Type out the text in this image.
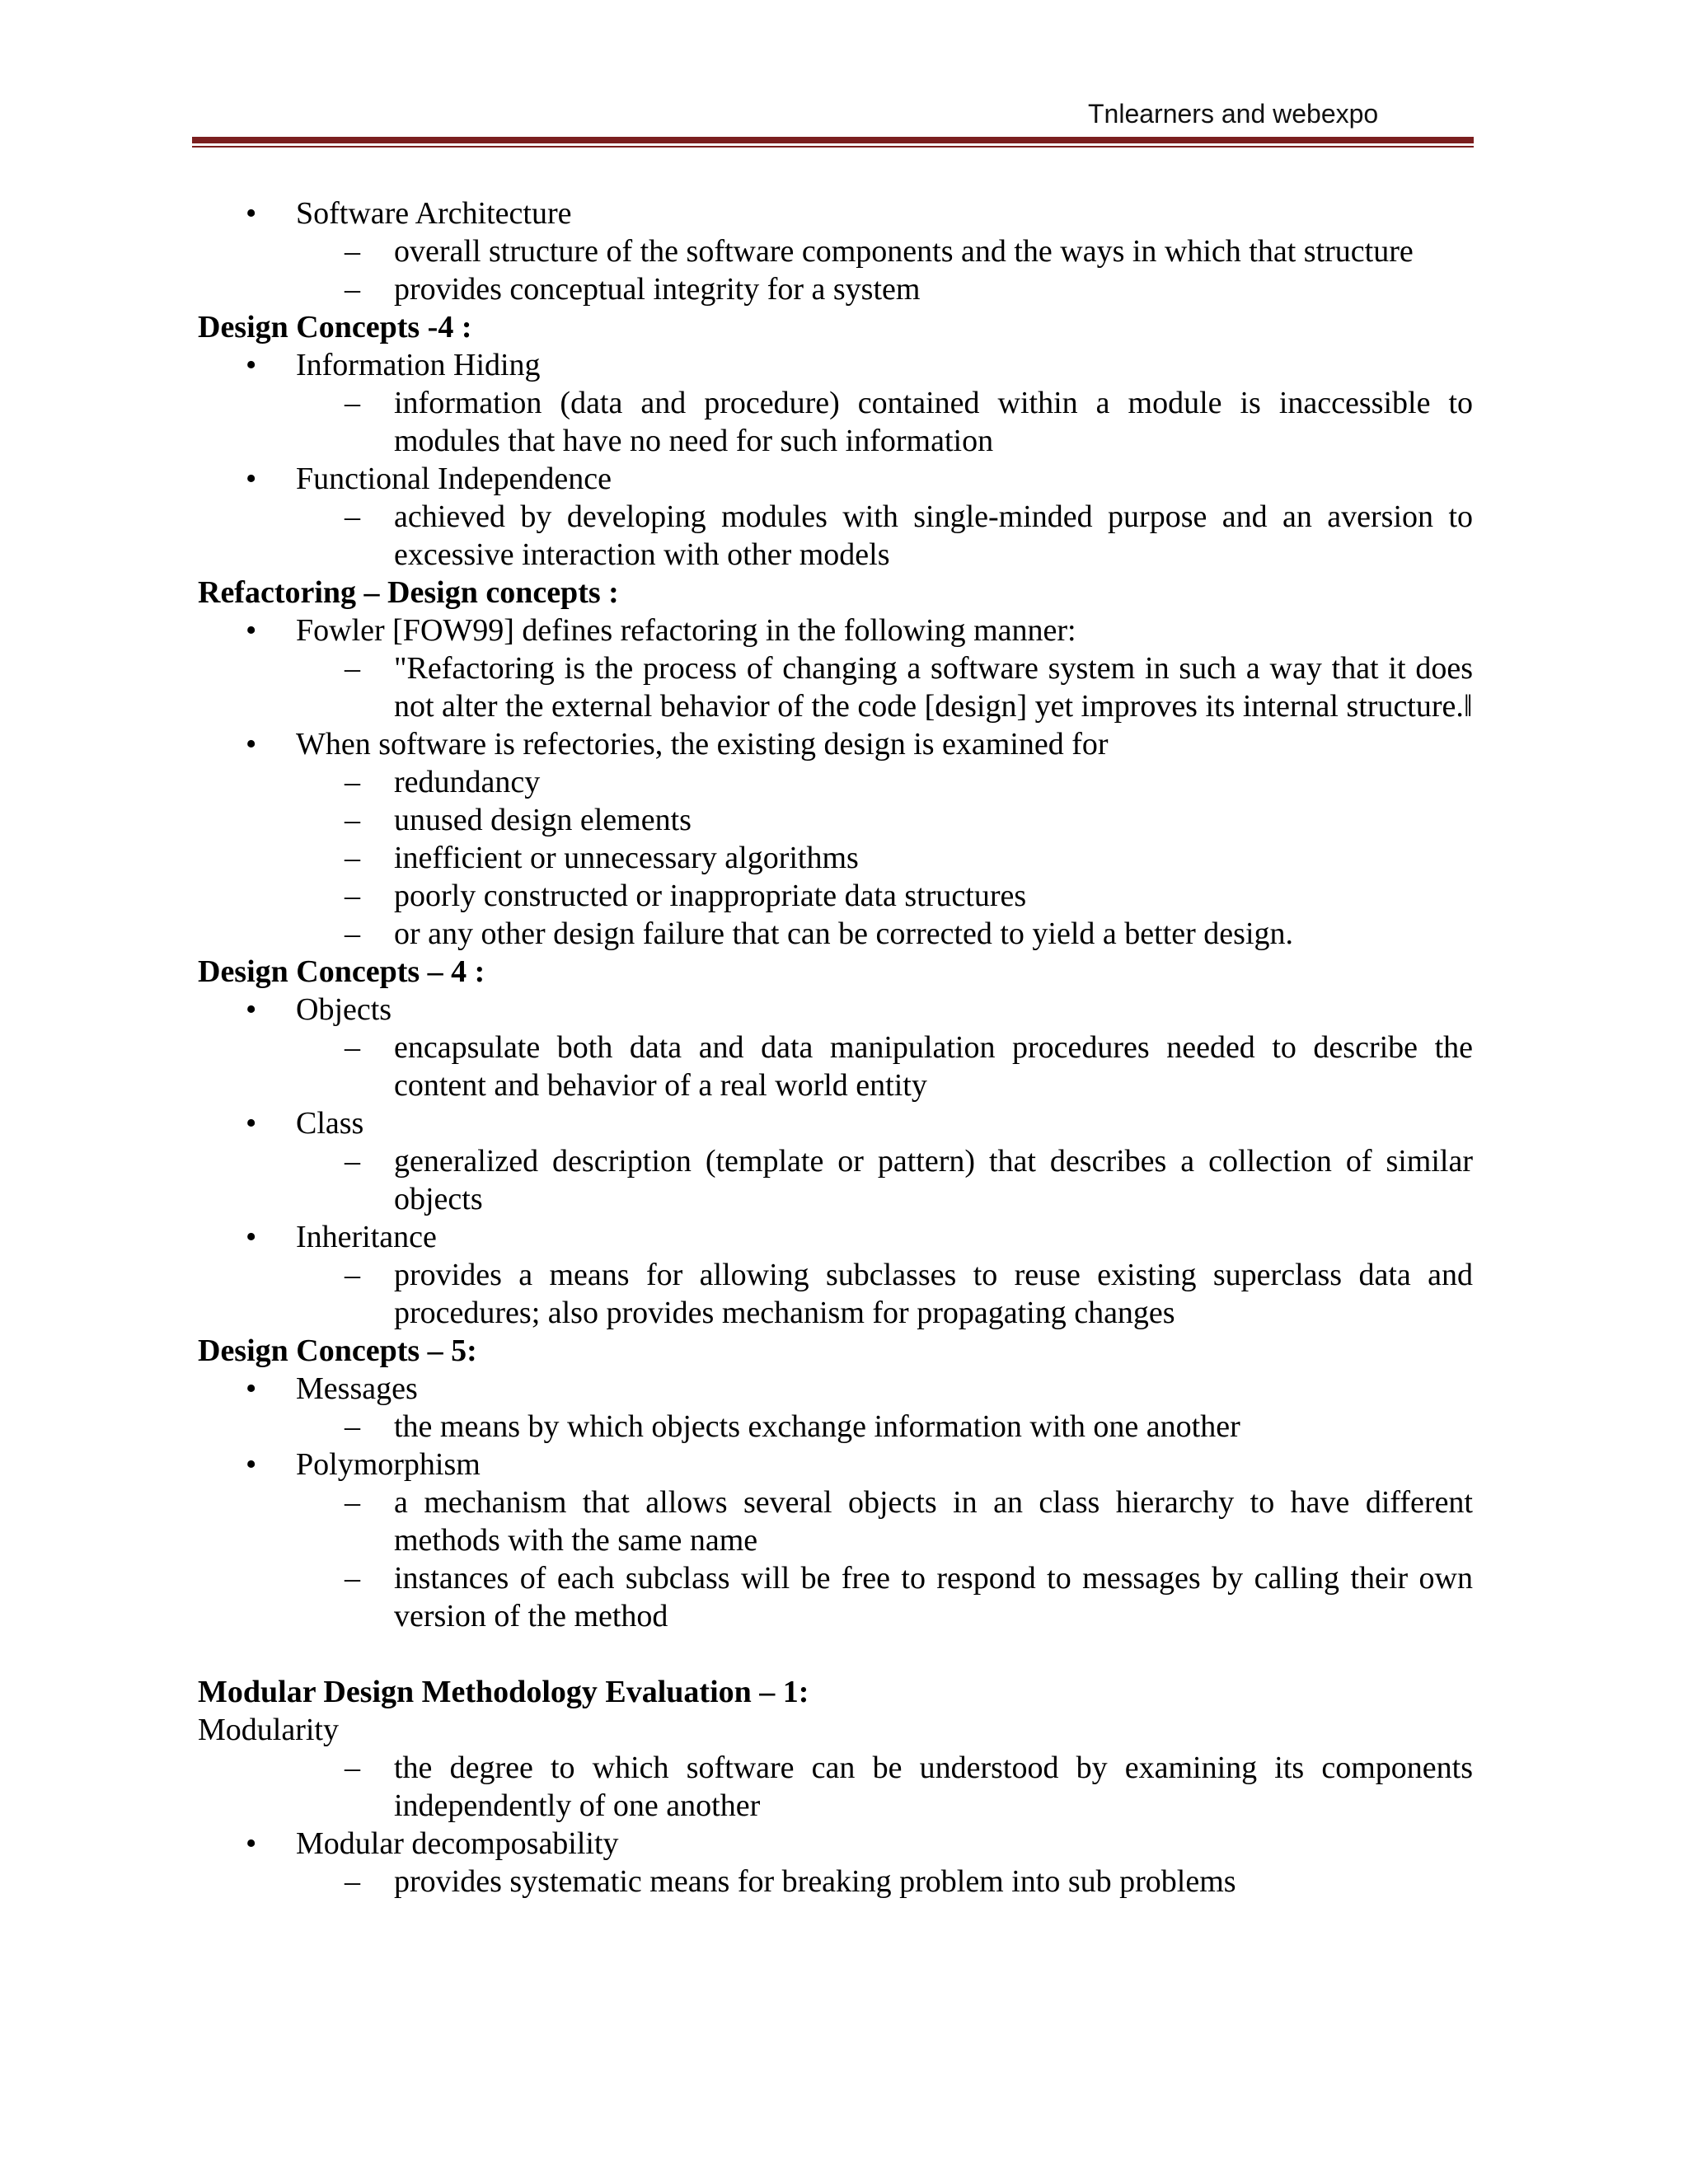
Tnlearners and webexpo
• Software Architecture
– overall structure of the software components and the ways in which that structure
– provides conceptual integrity for a system
Design Concepts -4 :
• Information Hiding
– information (data and procedure) contained within a module is inaccessible to modules that have no need for such information
• Functional Independence
– achieved by developing modules with single-minded purpose and an aversion to excessive interaction with other models
Refactoring – Design concepts :
• Fowler [FOW99] defines refactoring in the following manner:
– "Refactoring is the process of changing a software system in such a way that it does not alter the external behavior of the code [design] yet improves its internal structure.‖
• When software is refectories, the existing design is examined for
– redundancy
– unused design elements
– inefficient or unnecessary algorithms
– poorly constructed or inappropriate data structures
– or any other design failure that can be corrected to yield a better design.
Design Concepts – 4 :
• Objects
– encapsulate both data and data manipulation procedures needed to describe the content and behavior of a real world entity
• Class
– generalized description (template or pattern) that describes a collection of similar objects
• Inheritance
– provides a means for allowing subclasses to reuse existing superclass data and procedures; also provides mechanism for propagating changes
Design Concepts – 5:
• Messages
– the means by which objects exchange information with one another
• Polymorphism
– a mechanism that allows several objects in an class hierarchy to have different methods with the same name
– instances of each subclass will be free to respond to messages by calling their own version of the method
Modular Design Methodology Evaluation – 1:
Modularity
– the degree to which software can be understood by examining its components independently of one another
• Modular decomposability
– provides systematic means for breaking problem into sub problems
